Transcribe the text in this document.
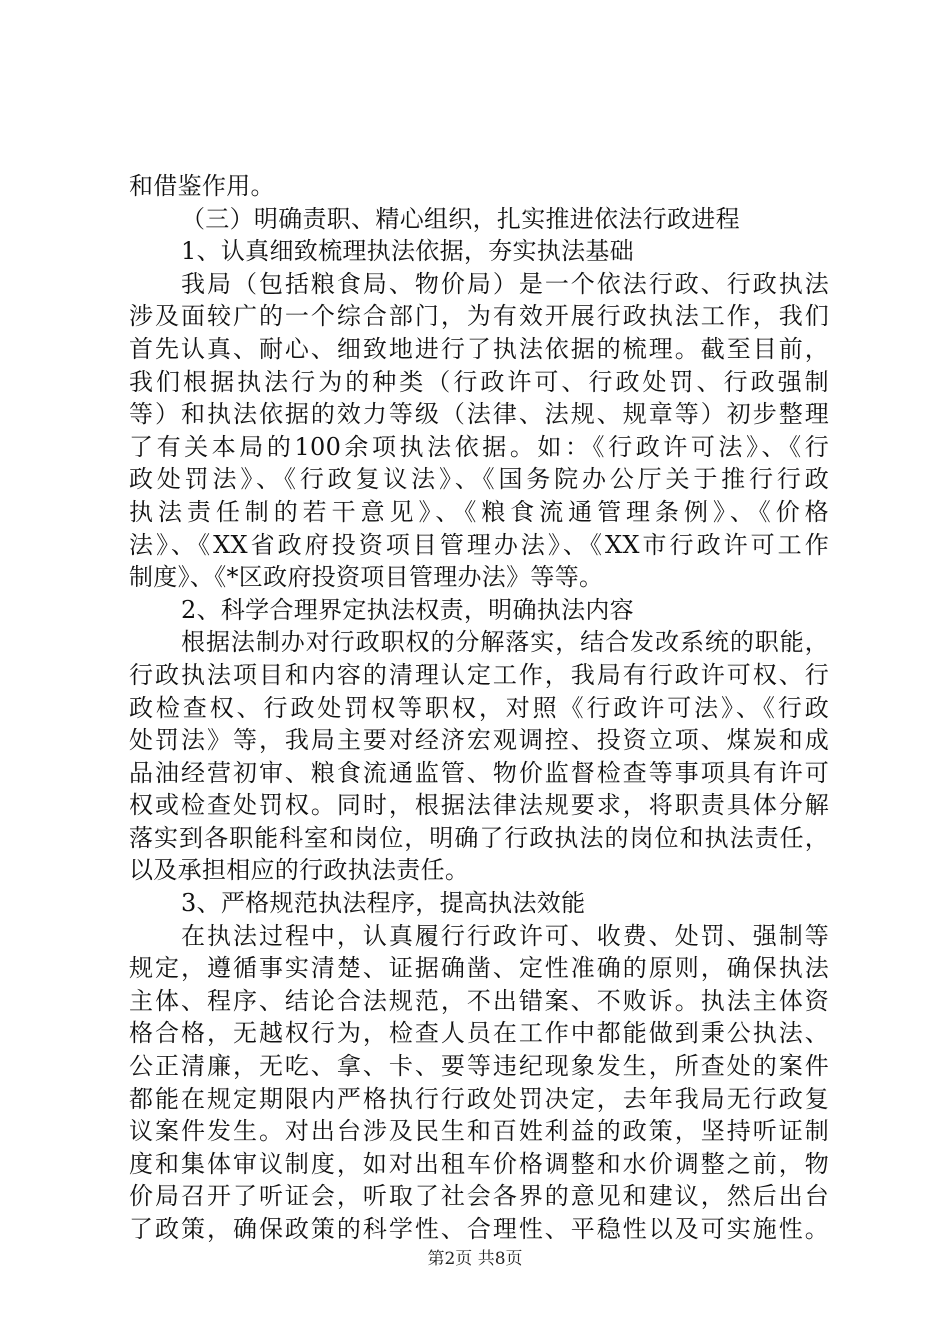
和借鉴作用。
（三）明确责职、精心组织，扎实推进依法行政进程
1、认真细致梳理执法依据，夯实执法基础
我局（包括粮食局、物价局）是一个依法行政、行政执法
涉及面较广的一个综合部门，为有效开展行政执法工作，我们
首先认真、耐心、细致地进行了执法依据的梳理。截至目前，
我们根据执法行为的种类（行政许可、行政处罚、行政强制
等）和执法依据的效力等级（法律、法规、规章等）初步整理
了有关本局的100余项执法依据。如：《行政许可法》、《行
政处罚法》、《行政复议法》、《国务院办公厅关于推行行政
执法责任制的若干意见》、《粮食流通管理条例》、《价格
法》、《XX省政府投资项目管理办法》、《XX市行政许可工作
制度》、《*区政府投资项目管理办法》等等。
2、科学合理界定执法权责，明确执法内容
根据法制办对行政职权的分解落实，结合发改系统的职能，
行政执法项目和内容的清理认定工作，我局有行政许可权、行
政检查权、行政处罚权等职权，对照《行政许可法》、《行政
处罚法》等，我局主要对经济宏观调控、投资立项、煤炭和成
品油经营初审、粮食流通监管、物价监督检查等事项具有许可
权或检查处罚权。同时，根据法律法规要求，将职责具体分解
落实到各职能科室和岗位，明确了行政执法的岗位和执法责任，
以及承担相应的行政执法责任。
3、严格规范执法程序，提高执法效能
在执法过程中，认真履行行政许可、收费、处罚、强制等
规定，遵循事实清楚、证据确凿、定性准确的原则，确保执法
主体、程序、结论合法规范，不出错案、不败诉。执法主体资
格合格，无越权行为，检查人员在工作中都能做到秉公执法、
公正清廉，无吃、拿、卡、要等违纪现象发生，所查处的案件
都能在规定期限内严格执行行政处罚决定，去年我局无行政复
议案件发生。对出台涉及民生和百姓利益的政策，坚持听证制
度和集体审议制度，如对出租车价格调整和水价调整之前，物
价局召开了听证会，听取了社会各界的意见和建议，然后出台
了政策，确保政策的科学性、合理性、平稳性以及可实施性。
第2页 共8页
